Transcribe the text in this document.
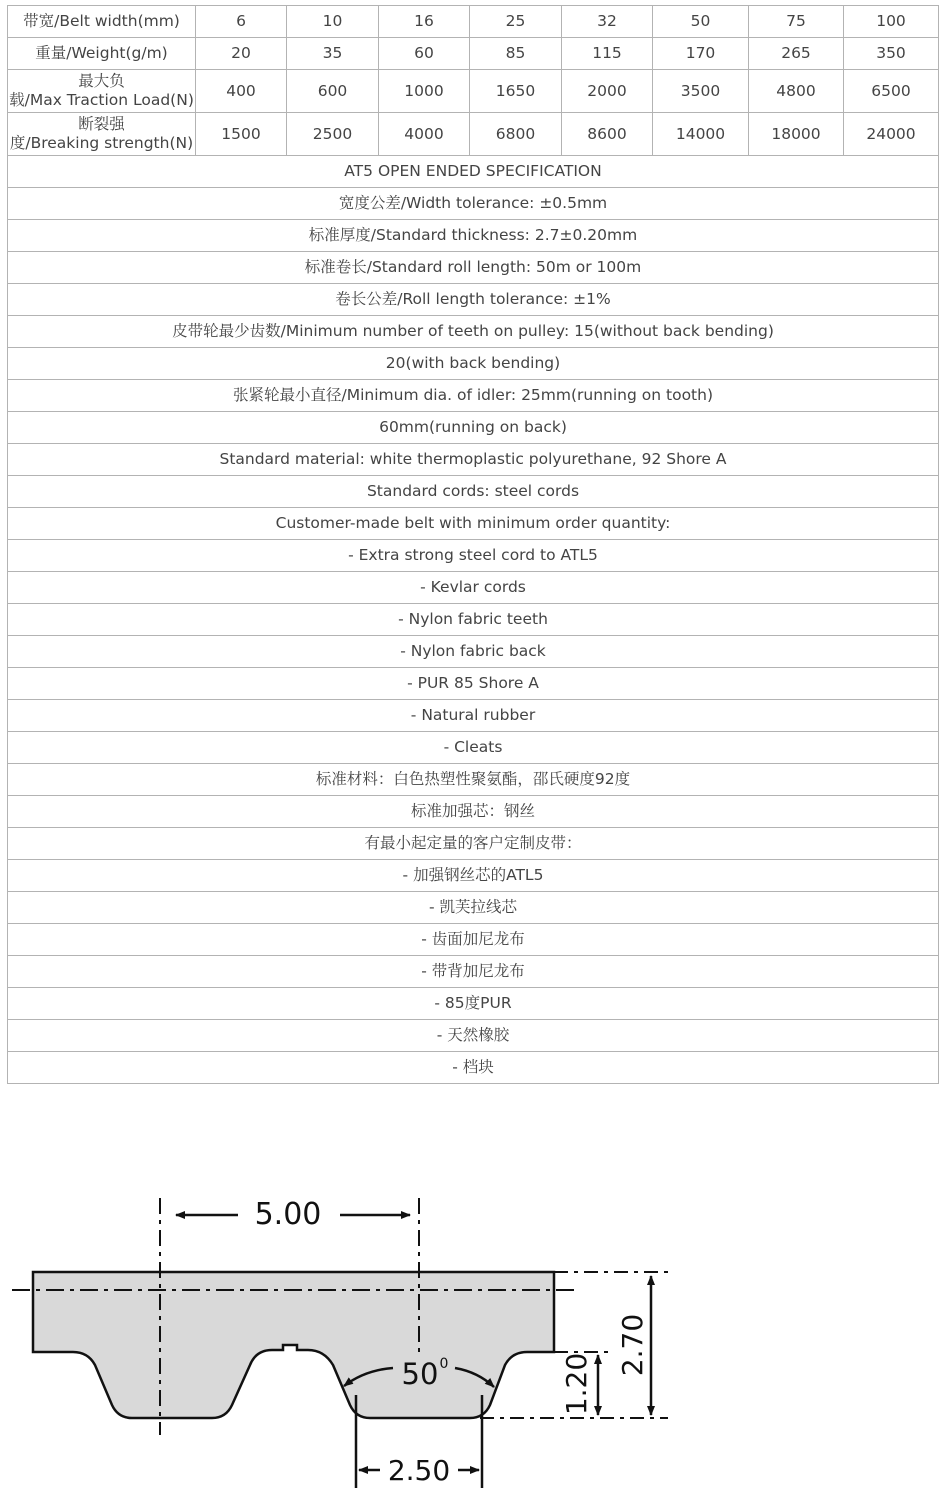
带宽/Belt width(mm)	6	10	16	25	32	50	75	100
重量/Weight(g/m)	20	35	60	85	115	170	265	350

最大负
载/Max Traction Load(N)	400	600	1000	1650	2000	3500	4800	6500

断裂强
度/Breaking strength(N)	1500	2500	4000	6800	8600	14000	18000	24000
AT5 OPEN ENDED SPECIFICATION								
宽度公差/Width tolerance: ±0.5mm								
标准厚度/Standard thickness: 2.7±0.20mm								
标准卷长/Standard roll length: 50m or 100m								
卷长公差/Roll length tolerance: ±1%								
皮带轮最少齿数/Minimum number of teeth on pulley: 15(without back bending)								
20(with back bending)								
张紧轮最小直径/Minimum dia. of idler: 25mm(running on tooth)								
60mm(running on back)								
Standard material: white thermoplastic polyurethane, 92 Shore A								
Standard cords: steel cords								
Customer-made belt with minimum order quantity:								
- Extra strong steel cord to ATL5								
- Kevlar cords								
- Nylon fabric teeth								
- Nylon fabric back								
- PUR 85 Shore A								
- Natural rubber								
- Cleats								
标准材料：白色热塑性聚氨酯，邵氏硬度92度								
标准加强芯：钢丝								
有最小起定量的客户定制皮带：								
- 加强钢丝芯的ATL5								
- 凯芙拉线芯								
- 齿面加尼龙布								
- 带背加尼龙布								
- 85度PUR								
- 天然橡胶								
- 档块								
5.00
50 0	1.20
2.70
2.50
